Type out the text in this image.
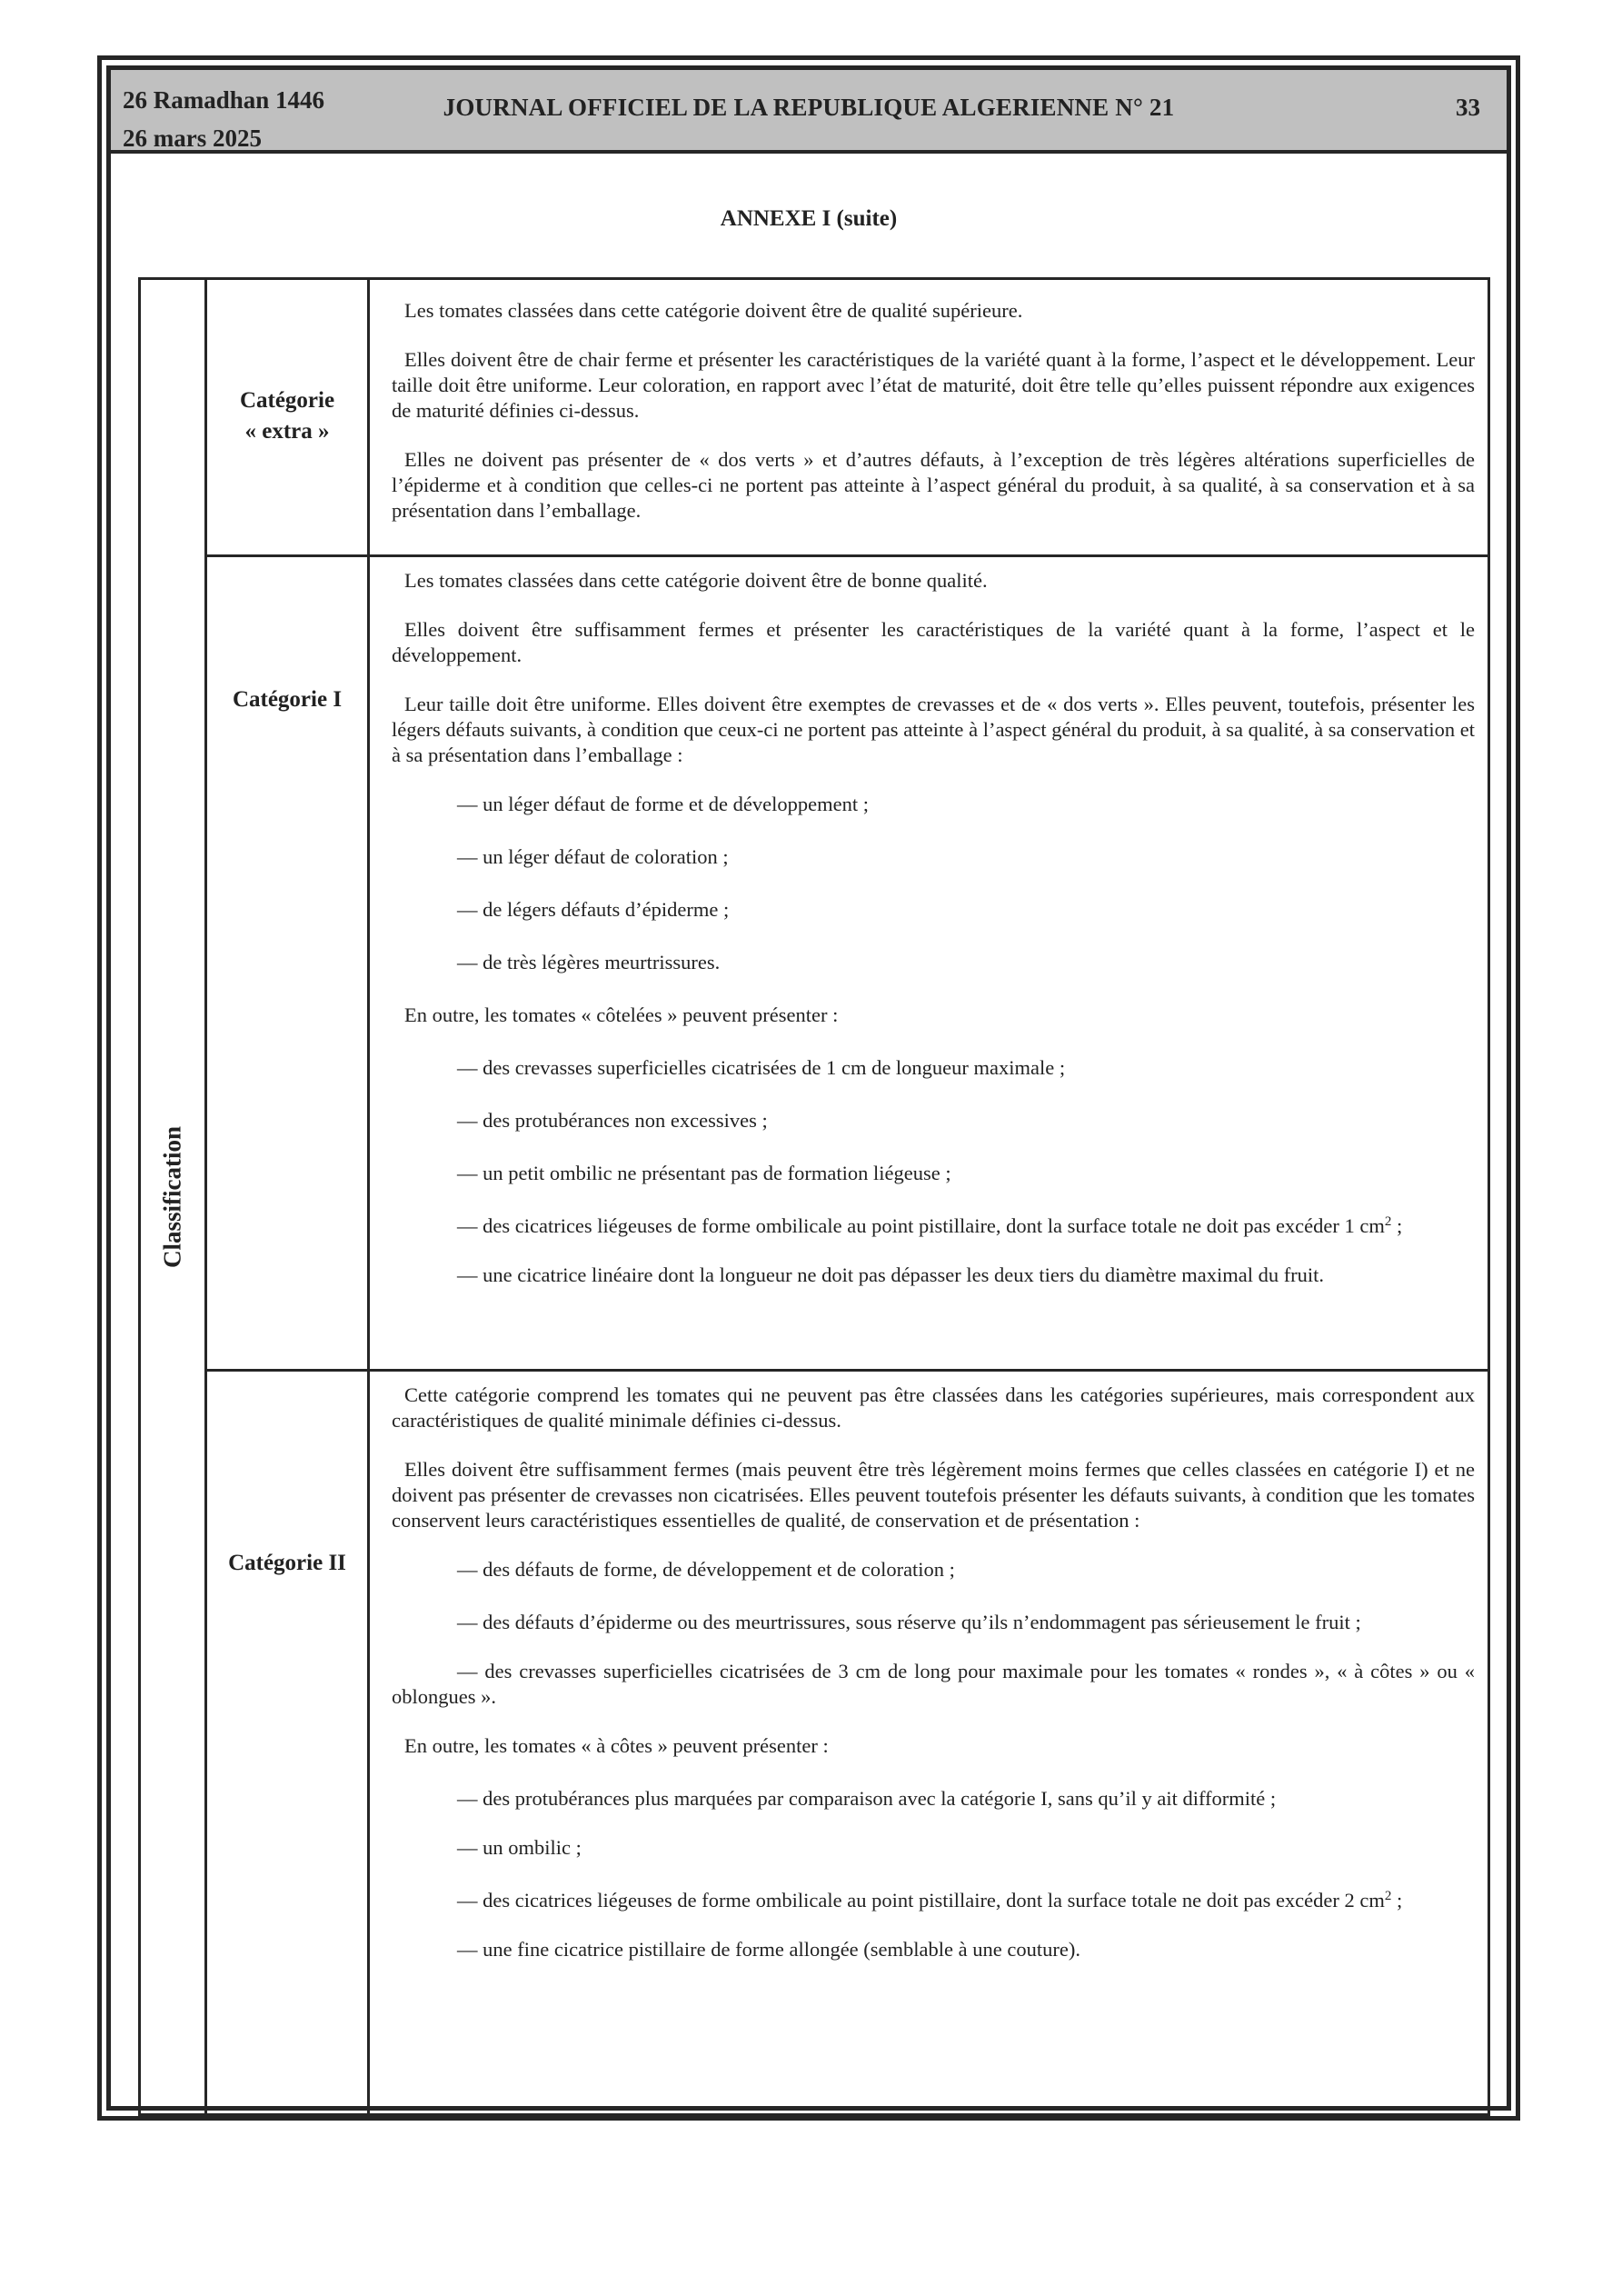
26 Ramadhan 1446
26 mars 2025
JOURNAL OFFICIEL DE LA REPUBLIQUE ALGERIENNE N° 21	33
ANNEXE I (suite)
Classification
Catégorie
« extra »

Les tomates classées dans cette catégorie doivent être de qualité supérieure.

Elles doivent être de chair ferme et présenter les caractéristiques de la variété quant à la forme, l’aspect et le développement. Leur taille doit être uniforme. Leur coloration, en rapport avec l’état de maturité, doit être telle qu’elles puissent répondre aux exigences de maturité définies ci-dessus.

Elles ne doivent pas présenter de « dos verts » et d’autres défauts, à l’exception de très légères altérations superficielles de l’épiderme et à condition que celles-ci ne portent pas atteinte à l’aspect général du produit, à sa qualité, à sa conservation et à sa présentation dans l’emballage.

Catégorie I

Les tomates classées dans cette catégorie doivent être de bonne qualité.

Elles doivent être suffisamment fermes et présenter les caractéristiques de la variété quant à la forme, l’aspect et le développement.

Leur taille doit être uniforme. Elles doivent être exemptes de crevasses et de « dos verts ». Elles peuvent, toutefois, présenter les légers défauts suivants, à condition que ceux-ci ne portent pas atteinte à l’aspect général du produit, à sa qualité, à sa conservation et à sa présentation dans l’emballage :

— un léger défaut de forme et de développement ;

— un léger défaut de coloration ;

— de légers défauts d’épiderme ;

— de très légères meurtrissures.

En outre, les tomates « côtelées » peuvent présenter :

— des crevasses superficielles cicatrisées de 1 cm de longueur maximale ;

— des protubérances non excessives ;

— un petit ombilic ne présentant pas de formation liégeuse ;

— des cicatrices liégeuses de forme ombilicale au point pistillaire, dont la surface totale ne doit pas excéder 1 $cm^2$ ;

— une cicatrice linéaire dont la longueur ne doit pas dépasser les deux tiers du diamètre maximal du fruit.

Catégorie II

Cette catégorie comprend les tomates qui ne peuvent pas être classées dans les catégories supérieures, mais correspondent aux caractéristiques de qualité minimale définies ci-dessus.

Elles doivent être suffisamment fermes (mais peuvent être très légèrement moins fermes que celles classées en catégorie I) et ne doivent pas présenter de crevasses non cicatrisées. Elles peuvent toutefois présenter les défauts suivants, à condition que les tomates conservent leurs caractéristiques essentielles de qualité, de conservation et de présentation :

— des défauts de forme, de développement et de coloration ;

— des défauts d’épiderme ou des meurtrissures, sous réserve qu’ils n’endommagent pas sérieusement le fruit ;

— des crevasses superficielles cicatrisées de 3 cm de long pour maximale pour les tomates « rondes », « à côtes » ou « oblongues ».

En outre, les tomates « à côtes » peuvent présenter :

— des protubérances plus marquées par comparaison avec la catégorie I, sans qu’il y ait difformité ;

— un ombilic ;

— des cicatrices liégeuses de forme ombilicale au point pistillaire, dont la surface totale ne doit pas excéder 2 $cm^2$ ;

— une fine cicatrice pistillaire de forme allongée (semblable à une couture).
